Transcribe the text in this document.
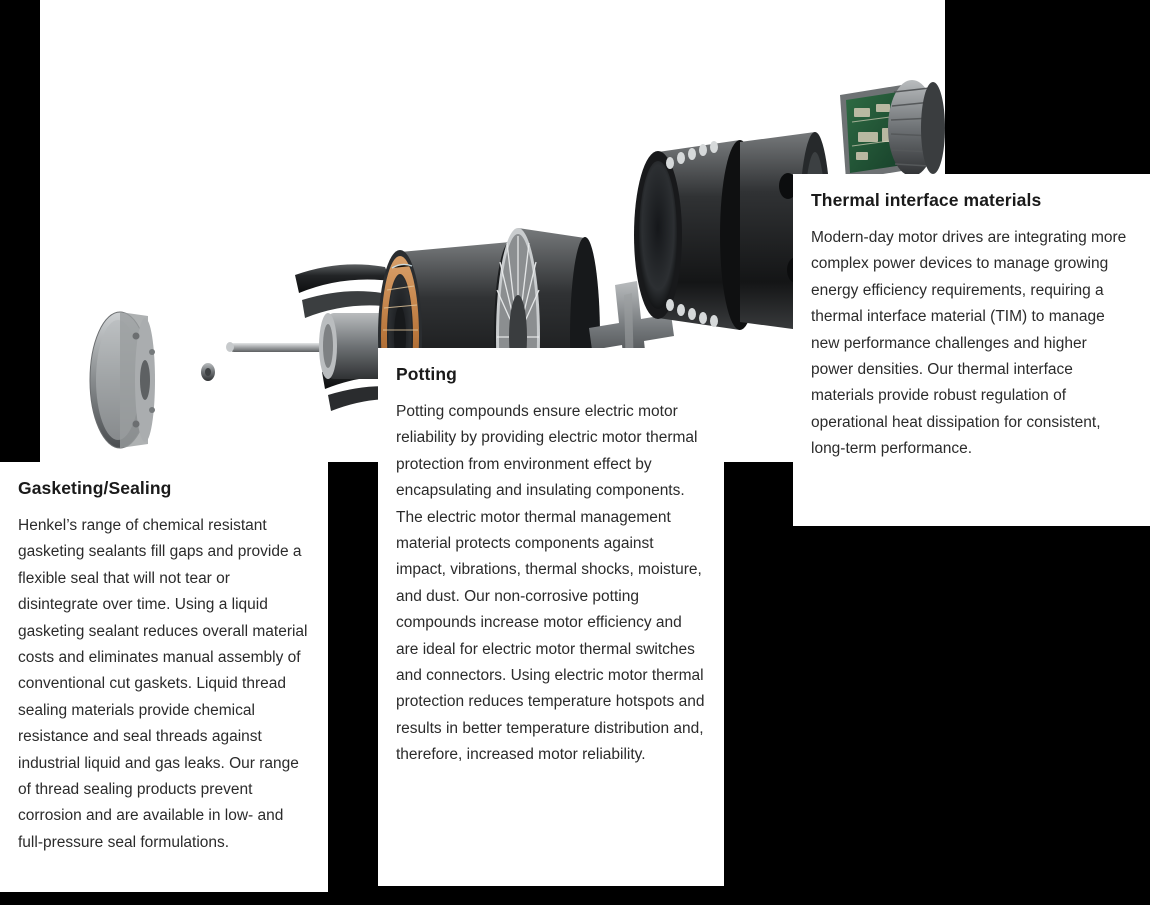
Gasketing/Sealing

Henkel’s range of chemical resistant gasketing sealants fill gaps and provide a flexible seal that will not tear or disintegrate over time. Using a liquid gasketing sealant reduces overall material costs and eliminates manual assembly of conventional cut gaskets. Liquid thread sealing materials provide chemical resistance and seal threads against industrial liquid and gas leaks. Our range of thread sealing products prevent corrosion and are available in low- and full-pressure seal formulations.

Potting

Potting compounds ensure electric motor reliability by providing electric motor thermal protection from environment effect by encapsulating and insulating components. The electric motor thermal management material protects components against impact, vibrations, thermal shocks, moisture, and dust. Our non-corrosive potting compounds increase motor efficiency and are ideal for electric motor thermal switches and connectors. Using electric motor thermal protection reduces temperature hotspots and results in better temperature distribution and, therefore, increased motor reliability.

Thermal interface materials

Modern-day motor drives are integrating more complex power devices to manage growing energy efficiency requirements, requiring a thermal interface material (TIM) to manage new performance challenges and higher power densities. Our thermal interface materials provide robust regulation of operational heat dissipation for consistent, long-term performance.
